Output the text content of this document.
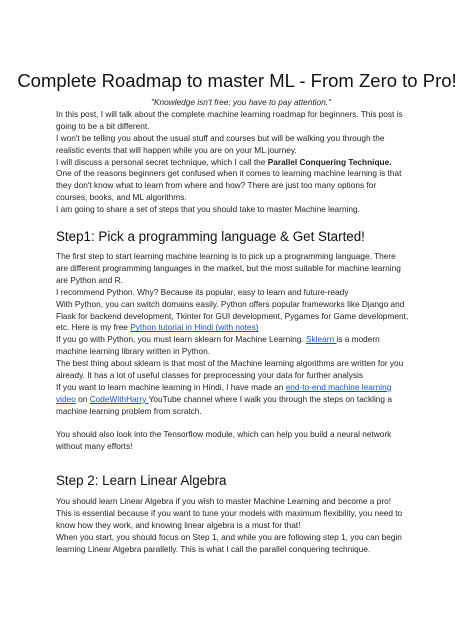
Complete Roadmap to master ML - From Zero to Pro!

"Knowledge isn't free; you have to pay attention."

In this post, I will talk about the complete machine learning roadmap for beginners. This post is

going to be a bit different.

I won't be telling you about the usual stuff and courses but will be walking you through the

realistic events that will happen while you are on your ML journey.

I will discuss a personal secret technique, which I call the Parallel Conquering Technique.

One of the reasons beginners get confused when it comes to learning machine learning is that

they don't know what to learn from where and how? There are just too many options for

courses, books, and ML algorithms.

I am going to share a set of steps that you should take to master Machine learning.

Step1: Pick a programming language & Get Started!

The first step to start learning machine learning is to pick up a programming language. There

are different programming languages in the market, but the most suitable for machine learning

are Python and R.

I recommend Python. Why? Because its popular, easy to learn and future-ready

With Python, you can switch domains easily. Python offers popular frameworks like Django and

Flask for backend development, Tkinter for GUI development, Pygames for Game development,

etc. Here is my free Python tutorial in Hindi (with notes)

If you go with Python, you must learn sklearn for Machine Learning. Sklearn is a modern

machine learning library written in Python.

The best thing about sklearn is that most of the Machine learning algorithms are written for you

already. It has a lot of useful classes for preprocessing your data for further analysis

If you want to learn machine learning in Hindi, I have made an end-to-end machine learning

video on CodeWithHarry YouTube channel where I walk you through the steps on tackling a

machine learning problem from scratch.

You should also look into the Tensorflow module, which can help you build a neural network

without many efforts!

Step 2: Learn Linear Algebra

You should learn Linear Algebra if you wish to master Machine Learning and become a pro!

This is essential because if you want to tune your models with maximum flexibility, you need to

know how they work, and knowing linear algebra is a must for that!

When you start, you should focus on Step 1, and while you are following step 1, you can begin

learning Linear Algebra parallelly. This is what I call the parallel conquering technique.
